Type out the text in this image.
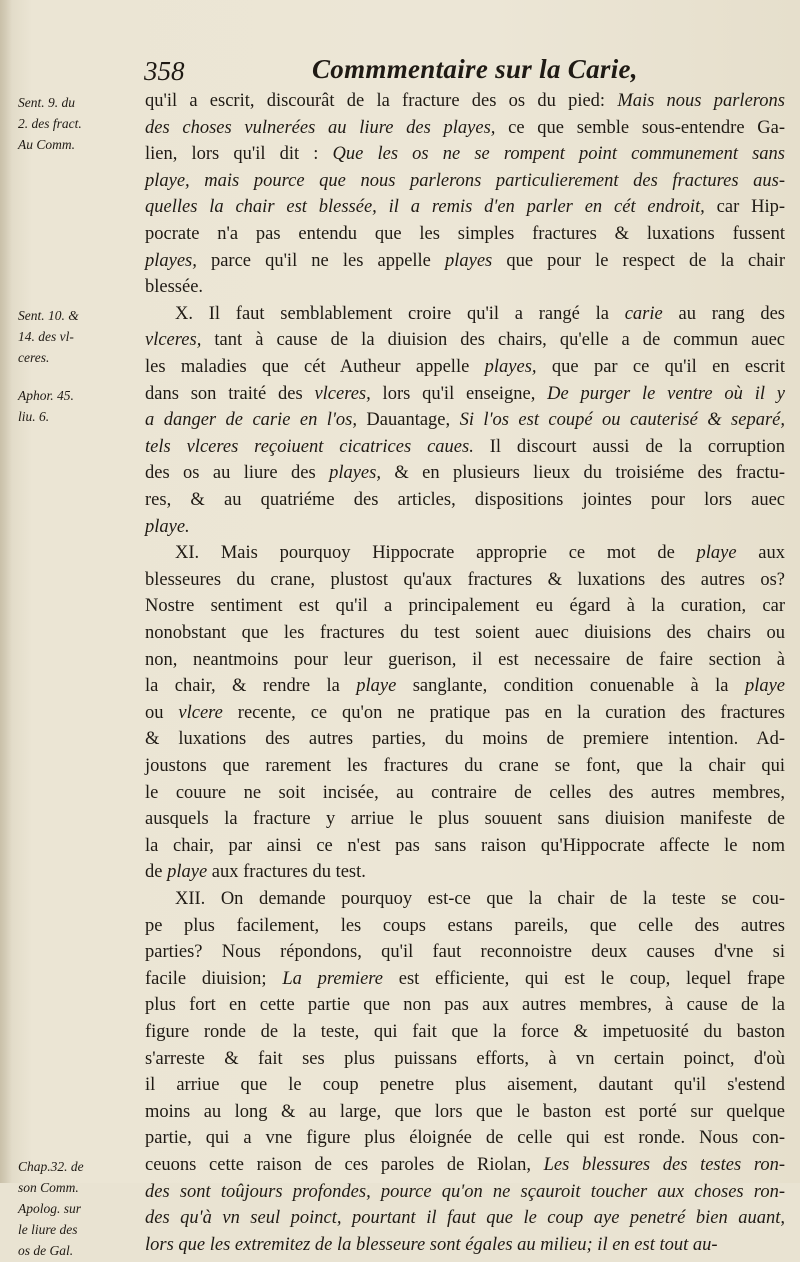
358	Commmentaire sur la Carie,
Sent. 9. du
2. des fract.
Au Comm.
Sent. 10. &
14. des vl-
ceres.
Aphor. 45.
liu. 6.
Chap.32. de
son Comm.
Apolog. sur
le liure des
os de Gal.
qu'il a escrit, discourât de la fracture des os du pied: Mais nous parlerons
des choses vulnerées au liure des playes, ce que semble sous-entendre Ga-
lien, lors qu'il dit : Que les os ne se rompent point communement sans
playe, mais pource que nous parlerons particulierement des fractures aus-
quelles la chair est blessée, il a remis d'en parler en cét endroit, car Hip-
pocrate n'a pas entendu que les simples fractures & luxations fussent
playes, parce qu'il ne les appelle playes que pour le respect de la chair
blessée.
X. Il faut semblablement croire qu'il a rangé la carie au rang des
vlceres, tant à cause de la diuision des chairs, qu'elle a de commun auec
les maladies que cét Autheur appelle playes, que par ce qu'il en escrit
dans son traité des vlceres, lors qu'il enseigne, De purger le ventre où il y
a danger de carie en l'os, Dauantage, Si l'os est coupé ou cauterisé & separé,
tels vlceres reçoiuent cicatrices caues. Il discourt aussi de la corruption
des os au liure des playes, & en plusieurs lieux du troisiéme des fractu-
res, & au quatriéme des articles, dispositions jointes pour lors auec
playe.
XI. Mais pourquoy Hippocrate approprie ce mot de playe aux
blesseures du crane, plustost qu'aux fractures & luxations des autres os?
Nostre sentiment est qu'il a principalement eu égard à la curation, car
nonobstant que les fractures du test soient auec diuisions des chairs ou
non, neantmoins pour leur guerison, il est necessaire de faire section à
la chair, & rendre la playe sanglante, condition conuenable à la playe
ou vlcere recente, ce qu'on ne pratique pas en la curation des fractures
& luxations des autres parties, du moins de premiere intention. Ad-
joustons que rarement les fractures du crane se font, que la chair qui
le couure ne soit incisée, au contraire de celles des autres membres,
ausquels la fracture y arriue le plus souuent sans diuision manifeste de
la chair, par ainsi ce n'est pas sans raison qu'Hippocrate affecte le nom
de playe aux fractures du test.
XII. On demande pourquoy est-ce que la chair de la teste se cou-
pe plus facilement, les coups estans pareils, que celle des autres
parties? Nous répondons, qu'il faut reconnoistre deux causes d'vne si
facile diuision; La premiere est efficiente, qui est le coup, lequel frape
plus fort en cette partie que non pas aux autres membres, à cause de la
figure ronde de la teste, qui fait que la force & impetuosité du baston
s'arreste & fait ses plus puissans efforts, à vn certain poinct, d'où
il arriue que le coup penetre plus aisement, dautant qu'il s'estend
moins au long & au large, que lors que le baston est porté sur quelque
partie, qui a vne figure plus éloignée de celle qui est ronde. Nous con-
ceuons cette raison de ces paroles de Riolan, Les blessures des testes ron-
des sont toûjours profondes, pource qu'on ne sçauroit toucher aux choses ron-
des qu'à vn seul poinct, pourtant il faut que le coup aye penetré bien auant,
lors que les extremitez de la blesseure sont égales au milieu; il en est tout au-
